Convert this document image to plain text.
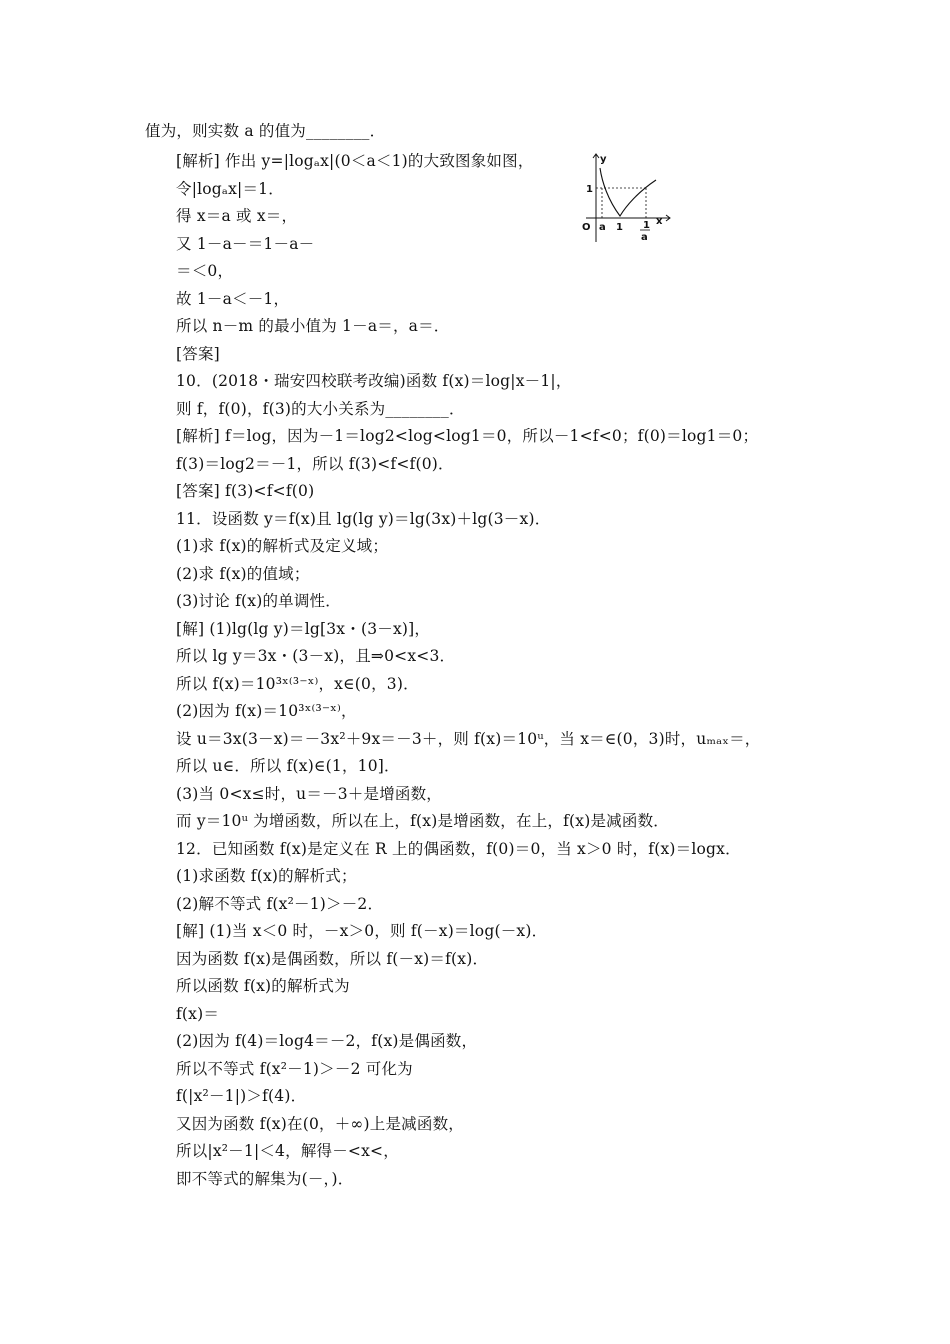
值为，则实数 a 的值为________．
[解析] 作出 y=|logₐx|(0＜a＜1)的大致图象如图，
令|logₐx|＝1．
得 x＝a 或 x＝，
又 1－a－＝1－a－
＝＜0，
故 1－a＜－1，
所以 n－m 的最小值为 1－a＝，a＝．
[答案]
10．(2018・瑞安四校联考改编)函数 f(x)＝log|x－1|，
则 f，f(0)，f(3)的大小关系为________．
[解析] f＝log，因为－1＝log2<log<log1＝0，所以－1<f<0；f(0)＝log1＝0；
f(3)＝log2＝－1，所以 f(3)<f<f(0)．
[答案] f(3)<f<f(0)
11．设函数 y＝f(x)且 lg(lg y)＝lg(3x)＋lg(3－x)．
(1)求 f(x)的解析式及定义域；
(2)求 f(x)的值域；
(3)讨论 f(x)的单调性．
[解] (1)lg(lg y)＝lg[3x・(3－x)]，
所以 lg y＝3x・(3－x)，且⇒0<x<3．
所以 f(x)＝10³ˣ⁽³⁻ˣ⁾，x∈(0，3)．
(2)因为 f(x)＝10³ˣ⁽³⁻ˣ⁾，
设 u＝3x(3－x)＝－3x²＋9x＝－3＋，则 f(x)＝10ᵘ，当 x＝∈(0，3)时，uₘₐₓ＝，
所以 u∈．所以 f(x)∈(1，10]．
(3)当 0<x≤时，u＝－3＋是增函数，
而 y＝10ᵘ 为增函数，所以在上，f(x)是增函数，在上，f(x)是减函数．
12．已知函数 f(x)是定义在 R 上的偶函数，f(0)＝0，当 x＞0 时，f(x)＝logx．
(1)求函数 f(x)的解析式；
(2)解不等式 f(x²－1)＞－2．
[解] (1)当 x＜0 时，－x＞0，则 f(－x)＝log(－x)．
因为函数 f(x)是偶函数，所以 f(－x)＝f(x)．
所以函数 f(x)的解析式为
f(x)＝
(2)因为 f(4)＝log4＝－2，f(x)是偶函数，
所以不等式 f(x²－1)＞－2 可化为
f(|x²－1|)＞f(4)．
又因为函数 f(x)在(0，＋∞)上是减函数，
所以|x²－1|＜4，解得－<x<，
即不等式的解集为(－，)．
y
x
O
1
a 1 1
a
